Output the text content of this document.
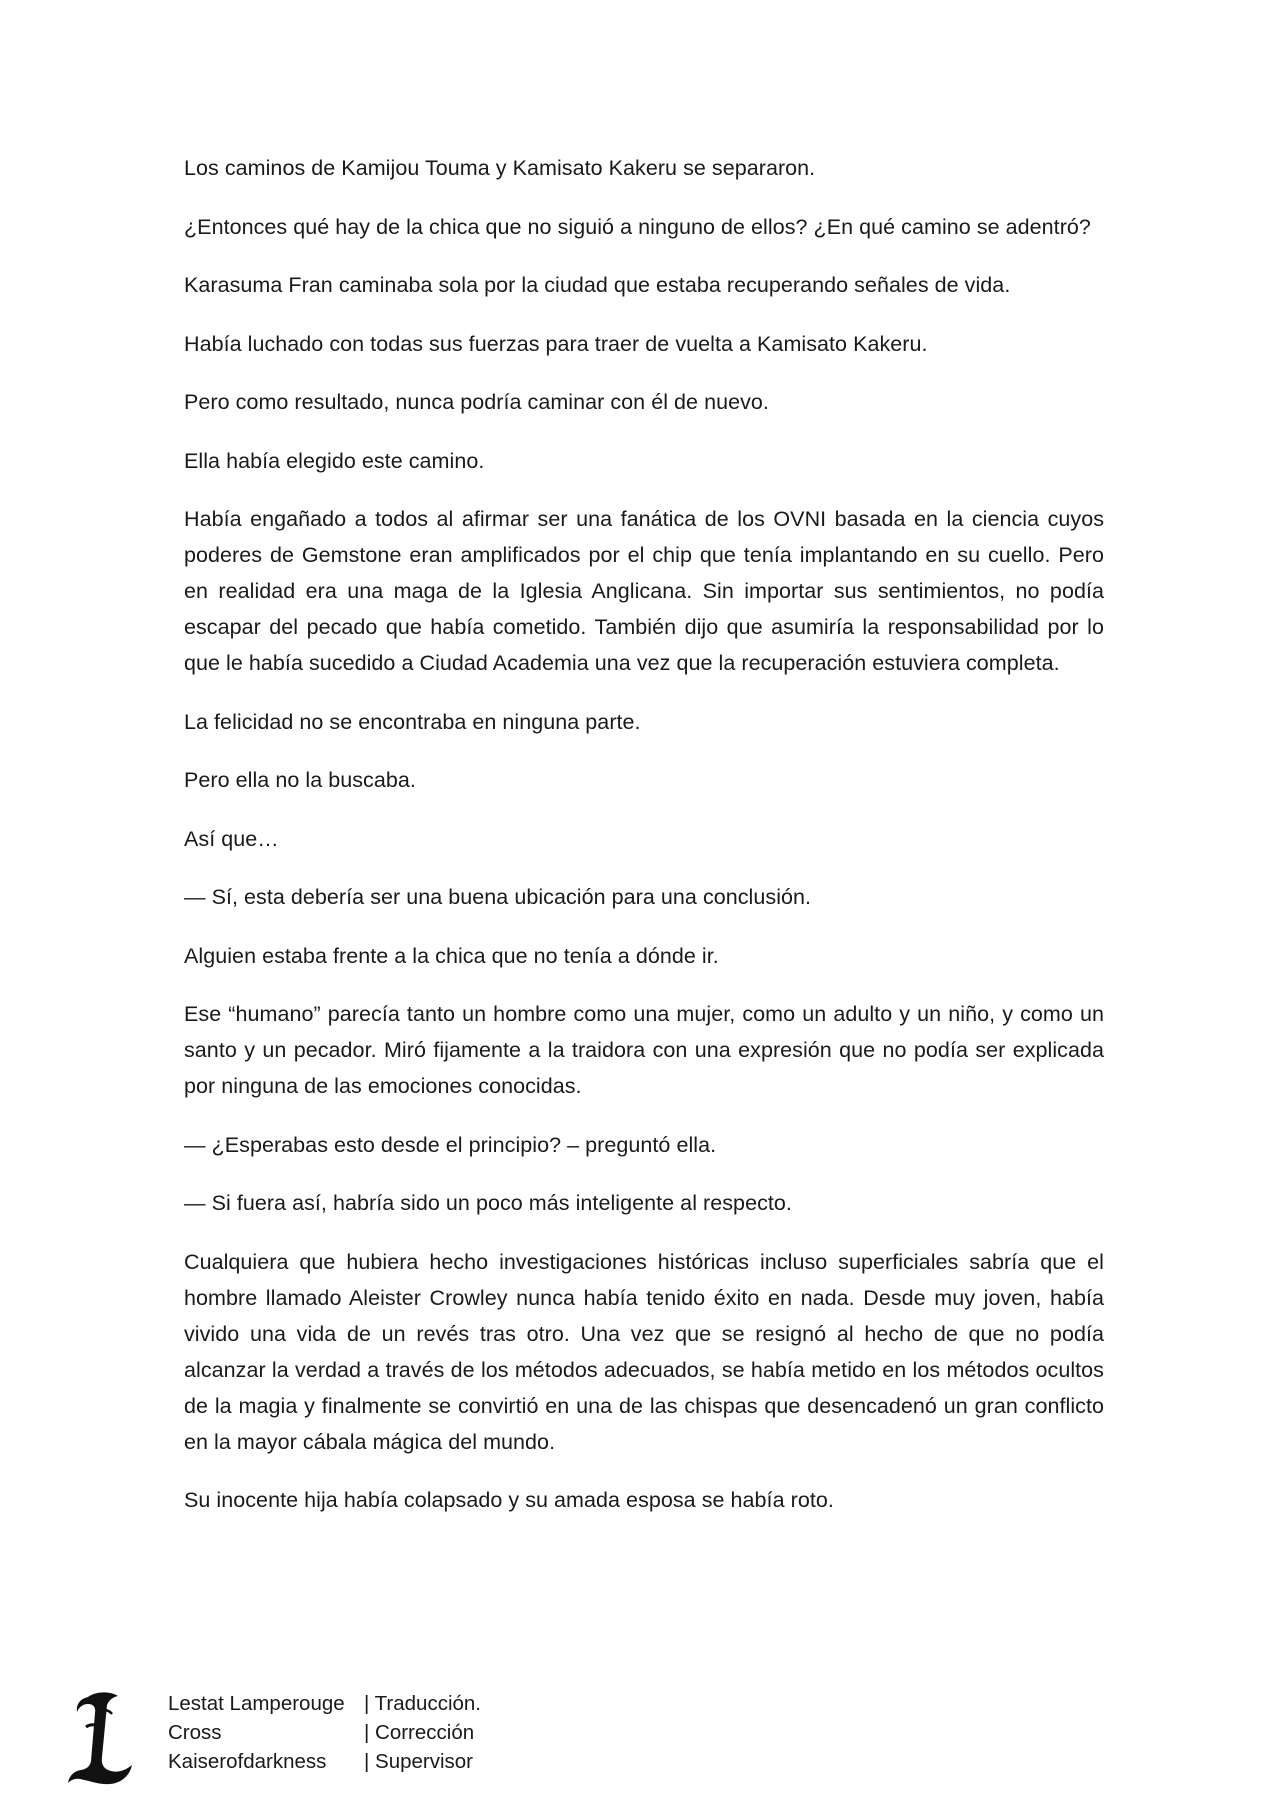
Los caminos de Kamijou Touma y Kamisato Kakeru se separaron.

¿Entonces qué hay de la chica que no siguió a ninguno de ellos? ¿En qué camino se adentró?

Karasuma Fran caminaba sola por la ciudad que estaba recuperando señales de vida.

Había luchado con todas sus fuerzas para traer de vuelta a Kamisato Kakeru.

Pero como resultado, nunca podría caminar con él de nuevo.

Ella había elegido este camino.

Había engañado a todos al afirmar ser una fanática de los OVNI basada en la ciencia cuyos poderes de Gemstone eran amplificados por el chip que tenía implantando en su cuello. Pero en realidad era una maga de la Iglesia Anglicana. Sin importar sus sentimientos, no podía escapar del pecado que había cometido. También dijo que asumiría la responsabilidad por lo que le había sucedido a Ciudad Academia una vez que la recuperación estuviera completa.

La felicidad no se encontraba en ninguna parte.

Pero ella no la buscaba.

Así que…

— Sí, esta debería ser una buena ubicación para una conclusión.

Alguien estaba frente a la chica que no tenía a dónde ir.

Ese “humano” parecía tanto un hombre como una mujer, como un adulto y un niño, y como un santo y un pecador. Miró fijamente a la traidora con una expresión que no podía ser explicada por ninguna de las emociones conocidas.

— ¿Esperabas esto desde el principio? – preguntó ella.

— Si fuera así, habría sido un poco más inteligente al respecto.

Cualquiera que hubiera hecho investigaciones históricas incluso superficiales sabría que el hombre llamado Aleister Crowley nunca había tenido éxito en nada. Desde muy joven, había vivido una vida de un revés tras otro. Una vez que se resignó al hecho de que no podía alcanzar la verdad a través de los métodos adecuados, se había metido en los métodos ocultos de la magia y finalmente se convirtió en una de las chispas que desencadenó un gran conflicto en la mayor cábala mágica del mundo.

Su inocente hija había colapsado y su amada esposa se había roto.

Lestat Lamperouge | Traducción.
Cross	| Corrección
Kaiserofdarkness	| Supervisor
